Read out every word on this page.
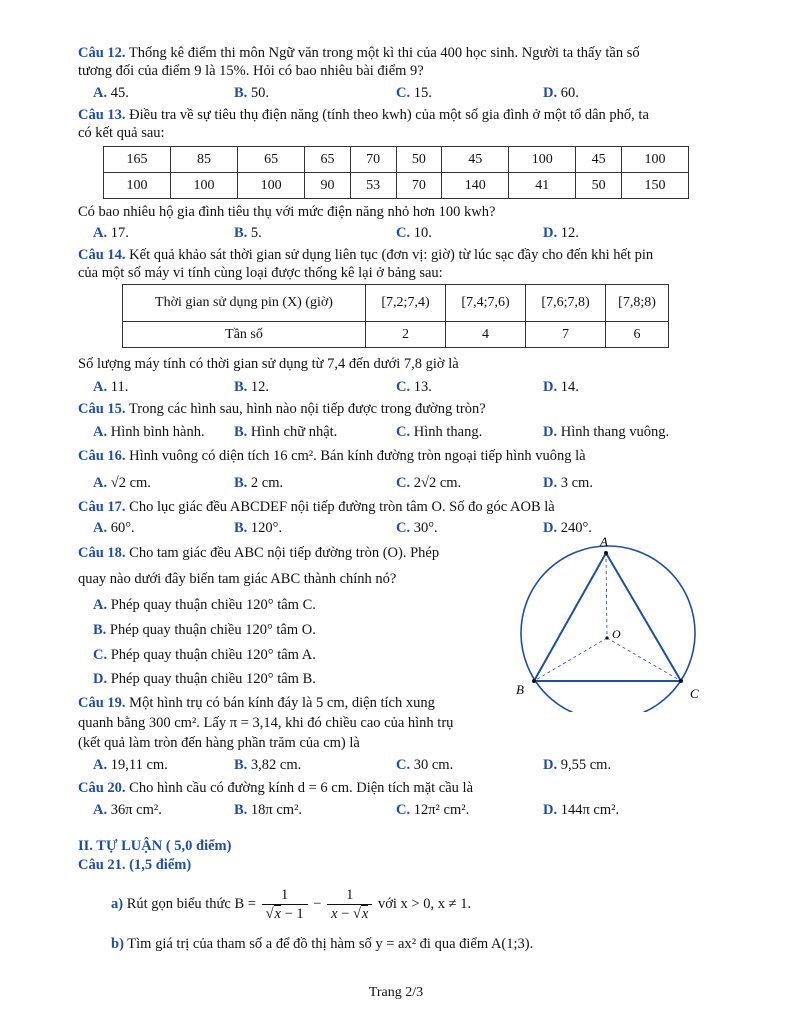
Câu 12. Thống kê điểm thi môn Ngữ văn trong một kì thi của 400 học sinh. Người ta thấy tần số
tương đối của điểm 9 là 15%. Hỏi có bao nhiêu bài điểm 9?
A. 45.	B. 50.	C. 15.	D. 60.
Câu 13. Điều tra về sự tiêu thụ điện năng (tính theo kwh) của một số gia đình ở một tổ dân phố, ta
có kết quả sau:
165	85	65	65	70	50	45	100	45	100
100	100	100	90	53	70	140	41	50	150
Có bao nhiêu hộ gia đình tiêu thụ với mức điện năng nhỏ hơn 100 kwh?
A. 17.	B. 5.	C. 10.	D. 12.
Câu 14. Kết quả khảo sát thời gian sử dụng liên tục (đơn vị: giờ) từ lúc sạc đầy cho đến khi hết pin
của một số máy vi tính cùng loại được thống kê lại ở bảng sau:
Thời gian sử dụng pin (X) (giờ)	[7,2;7,4)	[7,4;7,6)	[7,6;7,8)	[7,8;8)
Tần số	2	4	7	6
Số lượng máy tính có thời gian sử dụng từ 7,4 đến dưới 7,8 giờ là
A. 11.	B. 12.	C. 13.	D. 14.
Câu 15. Trong các hình sau, hình nào nội tiếp được trong đường tròn?
A. Hình bình hành. B. Hình chữ nhật.	C. Hình thang.	D. Hình thang vuông.
Câu 16. Hình vuông có diện tích 16 cm². Bán kính đường tròn ngoại tiếp hình vuông là
A. √2 cm.	B. 2 cm.	C. 2√2 cm.	D. 3 cm.
Câu 17. Cho lục giác đều ABCDEF nội tiếp đường tròn tâm O. Số đo góc AOB là
A. 60°.	B. 120°.	C. 30°.	D. 240°.
Câu 18. Cho tam giác đều ABC nội tiếp đường tròn (O). Phép
quay nào dưới đây biến tam giác ABC thành chính nó?
A. Phép quay thuận chiều 120° tâm C.
B. Phép quay thuận chiều 120° tâm O.
C. Phép quay thuận chiều 120° tâm A.
D. Phép quay thuận chiều 120° tâm B.
A
B	C
O
Câu 19. Một hình trụ có bán kính đáy là 5 cm, diện tích xung
quanh bằng 300 cm². Lấy π = 3,14, khi đó chiều cao của hình trụ
(kết quả làm tròn đến hàng phần trăm của cm) là
A. 19,11 cm.	B. 3,82 cm.	C. 30 cm.	D. 9,55 cm.
Câu 20. Cho hình cầu có đường kính d = 6 cm. Diện tích mặt cầu là
A. 36π cm².	B. 18π cm².	C. 12π² cm².	D. 144π cm².
II. TỰ LUẬN ( 5,0 điểm)
Câu 21. (1,5 điểm)
a) Rút gọn biểu thức $B = \frac{1}{√x - 1} - \frac{1}{x - √x}$ với x > 0, x ≠ 1.
b) Tìm giá trị của tham số a để đồ thị hàm số y = ax² đi qua điểm A(1;3).
Trang 2/3
